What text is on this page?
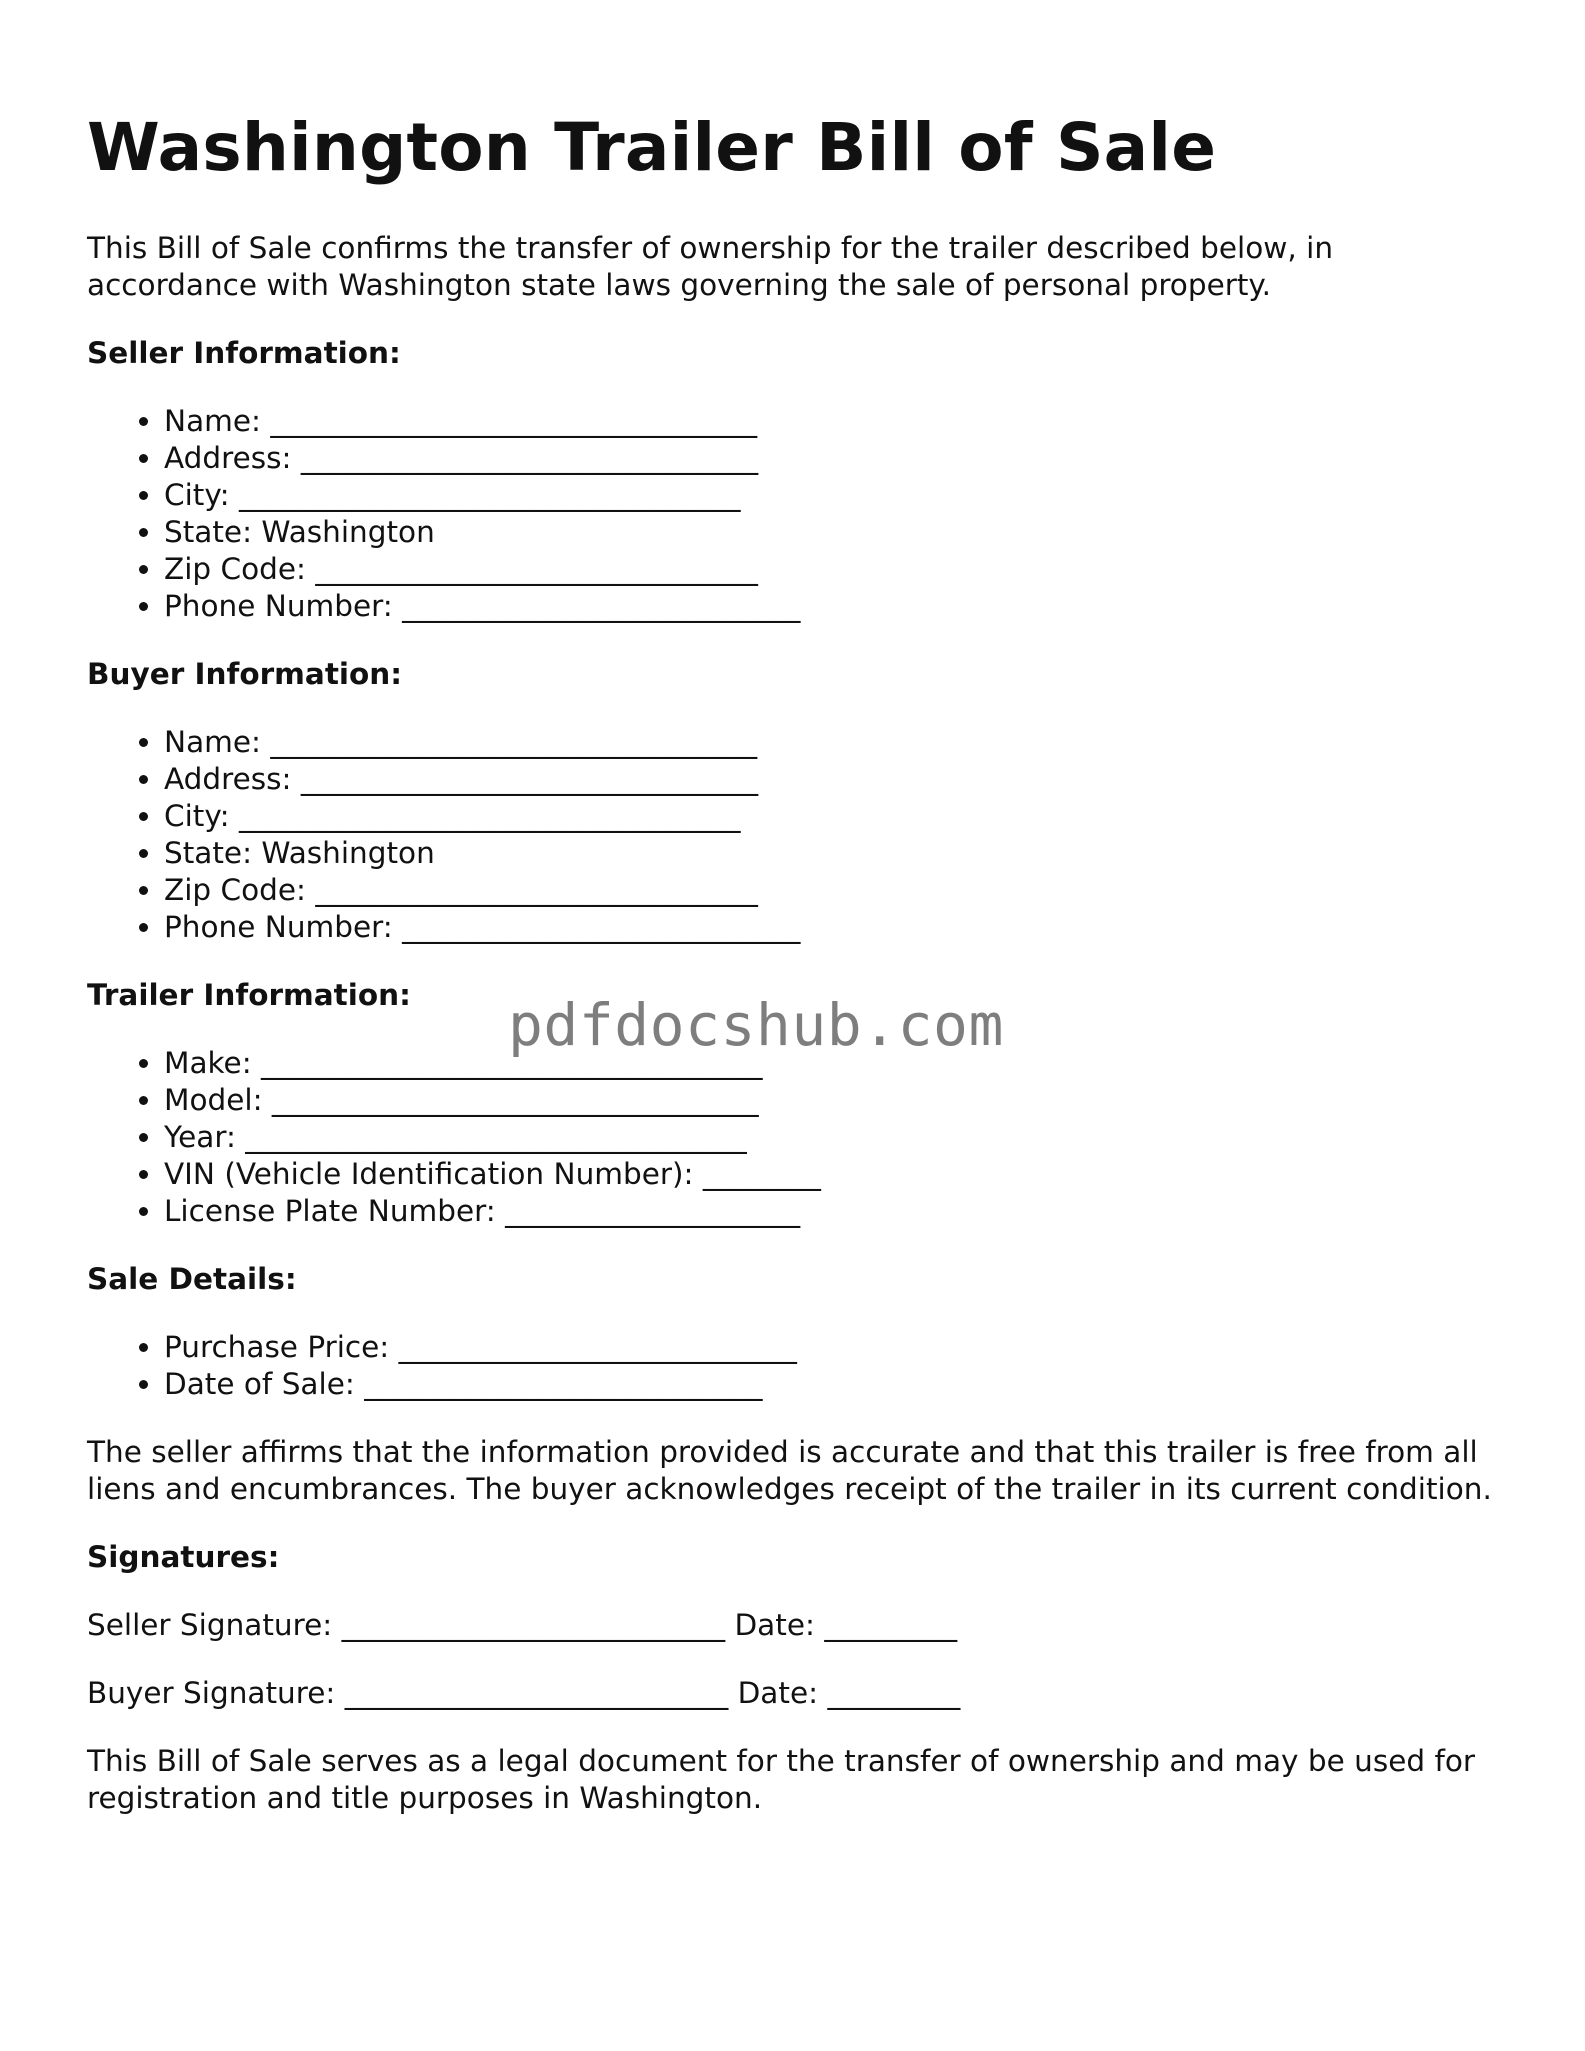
Washington Trailer Bill of Sale

This Bill of Sale confirms the transfer of ownership for the trailer described below, in accordance with Washington state laws governing the sale of personal property.

Seller Information:
• Name: _________________________________
• Address: _______________________________
• City: __________________________________
• State: Washington
• Zip Code: ______________________________
• Phone Number: ___________________________
Buyer Information:
• Name: _________________________________
• Address: _______________________________
• City: __________________________________
• State: Washington
• Zip Code: ______________________________
• Phone Number: ___________________________
Trailer Information:
• Make: __________________________________
• Model: _________________________________
• Year: __________________________________
• VIN (Vehicle Identification Number): ________
• License Plate Number: ____________________
Sale Details:
• Purchase Price: ___________________________
• Date of Sale: ___________________________

The seller affirms that the information provided is accurate and that this trailer is free from all liens and encumbrances. The buyer acknowledges receipt of the trailer in its current condition.

Signatures:

Seller Signature: __________________________ Date: _________

Buyer Signature: __________________________ Date: _________

This Bill of Sale serves as a legal document for the transfer of ownership and may be used for registration and title purposes in Washington.

pdfdocshub.com
